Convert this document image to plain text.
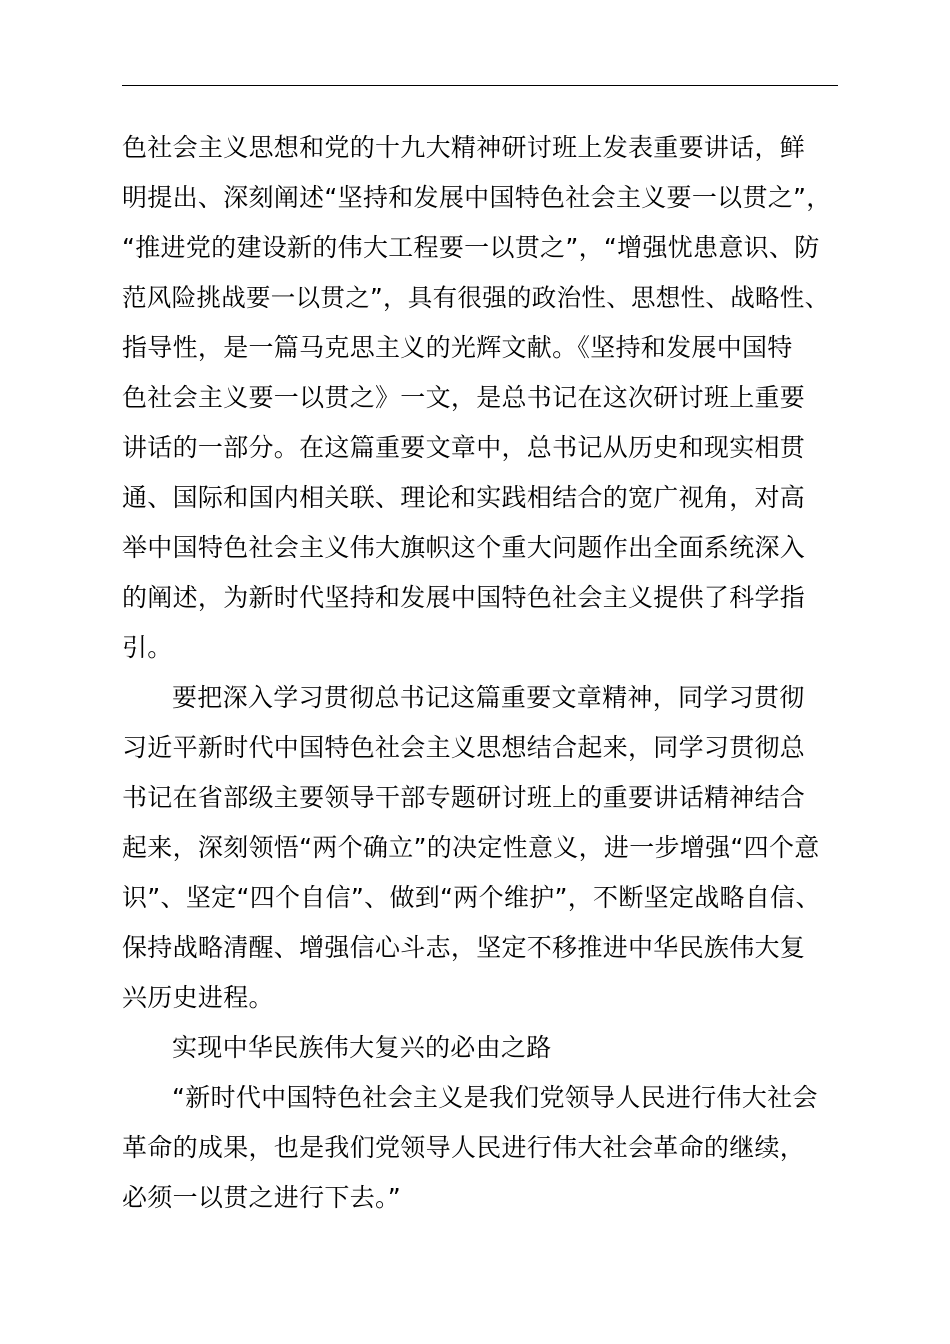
色社会主义思想和党的十九大精神研讨班上发表重要讲话，鲜
明提出、深刻阐述“坚持和发展中国特色社会主义要一以贯之”，
“推进党的建设新的伟大工程要一以贯之”，“增强忧患意识、防
范风险挑战要一以贯之”，具有很强的政治性、思想性、战略性、
指导性，是一篇马克思主义的光辉文献。《坚持和发展中国特
色社会主义要一以贯之》一文，是总书记在这次研讨班上重要
讲话的一部分。在这篇重要文章中，总书记从历史和现实相贯
通、国际和国内相关联、理论和实践相结合的宽广视角，对高
举中国特色社会主义伟大旗帜这个重大问题作出全面系统深入
的阐述，为新时代坚持和发展中国特色社会主义提供了科学指
引。
要把深入学习贯彻总书记这篇重要文章精神，同学习贯彻
习近平新时代中国特色社会主义思想结合起来，同学习贯彻总
书记在省部级主要领导干部专题研讨班上的重要讲话精神结合
起来，深刻领悟“两个确立”的决定性意义，进一步增强“四个意
识”、坚定“四个自信”、做到“两个维护”，不断坚定战略自信、
保持战略清醒、增强信心斗志，坚定不移推进中华民族伟大复
兴历史进程。
实现中华民族伟大复兴的必由之路
“新时代中国特色社会主义是我们党领导人民进行伟大社会
革命的成果，也是我们党领导人民进行伟大社会革命的继续，
必须一以贯之进行下去。”
